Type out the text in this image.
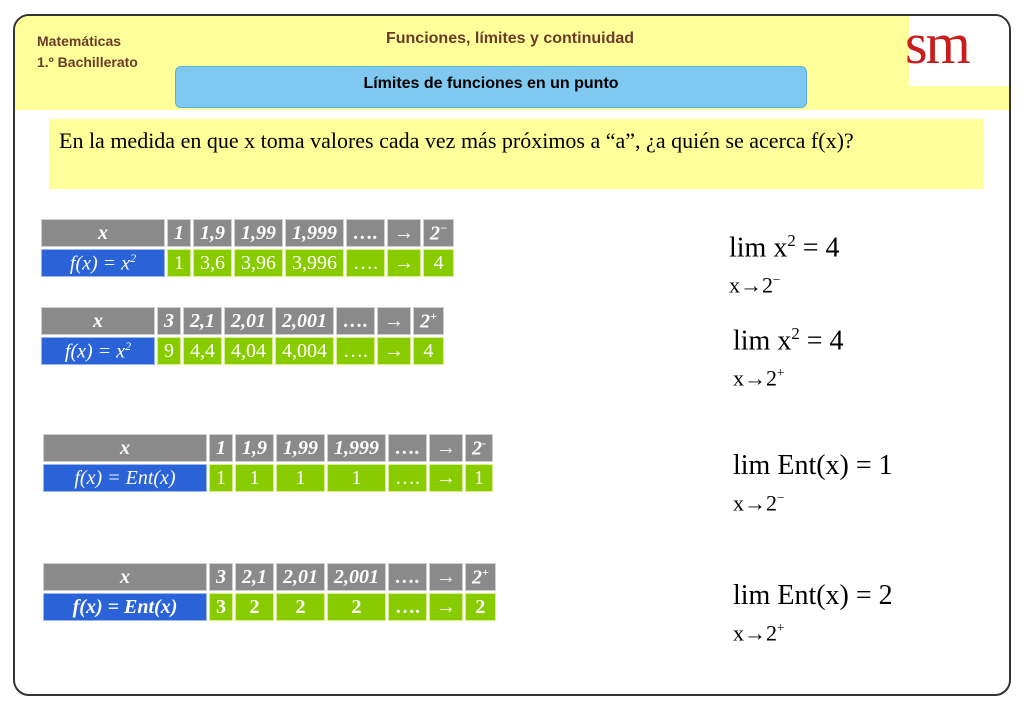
Matemáticas
1.º Bachillerato
Funciones, límites y continuidad
Límites de funciones en un punto
sm
En la medida en que x toma valores cada vez más próximos a “a”, ¿a quién se acerca f(x)?
x	1	1,9	1,99	1,999	….	→	2−
$f(x) = x^2$	1	3,6	3,96	3,996	….	→	4
x	3	2,1	2,01	2,001	….	→	2+
$f(x) = x^2$	9	4,4	4,04	4,004	….	→	4
x	1	1,9	1,99	1,999	….	→	2-
f(x) = Ent(x)	1	1	1	1	….	→	1
x	3	2,1	2,01	2,001	….	→	2+
f(x) = Ent(x)	3	2	2	2	….	→	2
$\lim x^2 = 4$
x→2−
$\lim x^2 = 4$
x→2+
lim Ent(x) = 1
x→2−
lim Ent(x) = 2
x→2+
